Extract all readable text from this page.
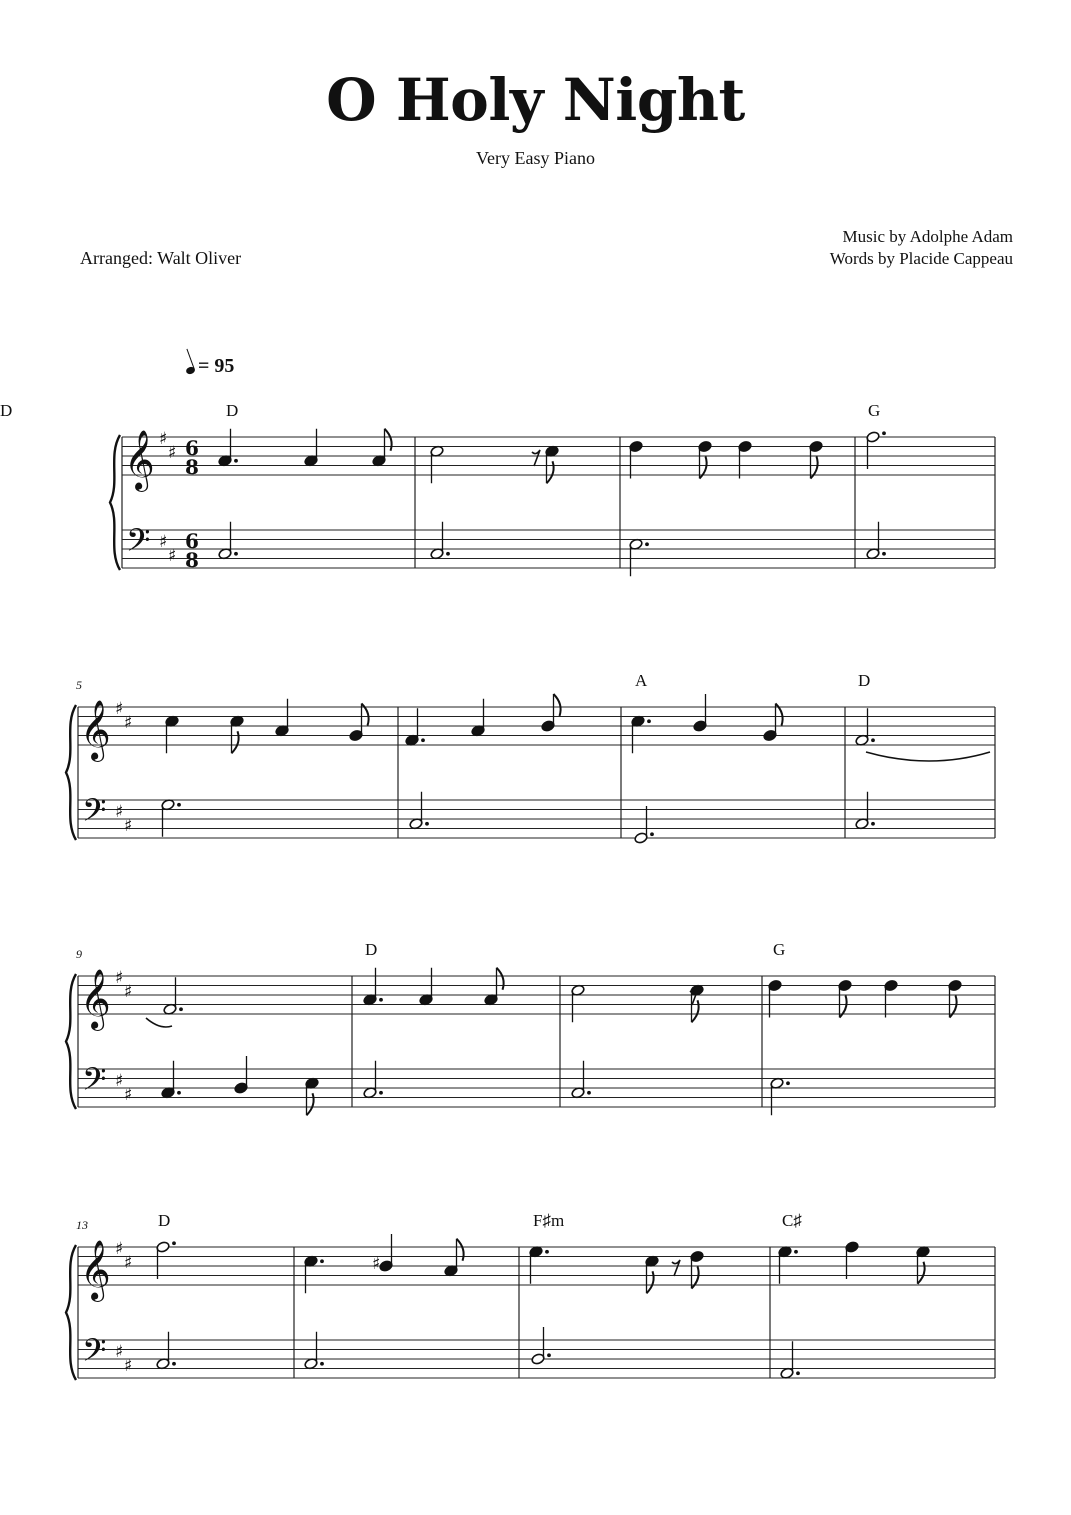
O Holy Night
Very Easy Piano
Arranged: Walt Oliver
Music by Adolphe Adam
Words by Placide Cappeau
= 95
𝄞
𝄢
♯
♯
♯
♯
6
8
6
8
D	G
D
𝄞
𝄢
♯
♯
♯
♯
5	A	D
𝄞
𝄢
♯
♯
♯
♯
9	D	G
𝄞
𝄢
♯
♯
♯
♯
13	D	F♯m	C♯
♯
